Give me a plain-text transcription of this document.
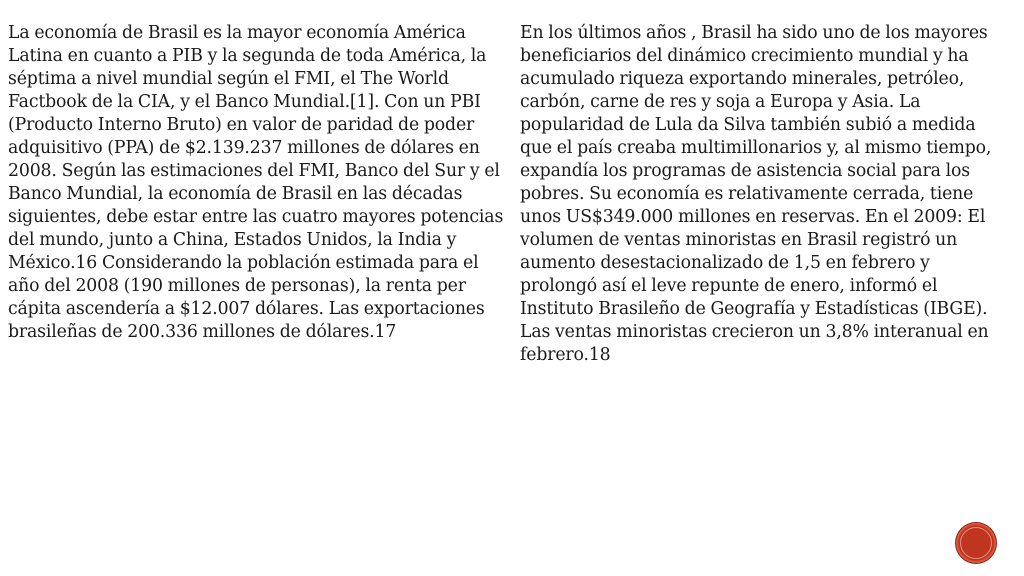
La economía de Brasil es la mayor economía América Latina en cuanto a PIB y la segunda de toda América, la séptima a nivel mundial según el FMI, el The World Factbook de la CIA, y el Banco Mundial.[1]. Con un PBI (Producto Interno Bruto) en valor de paridad de poder adquisitivo (PPA) de $2.139.237 millones de dólares en 2008. Según las estimaciones del FMI, Banco del Sur y el Banco Mundial, la economía de Brasil en las décadas siguientes, debe estar entre las cuatro mayores potencias del mundo, junto a China, Estados Unidos, la India y México.16 Considerando la población estimada para el año del 2008 (190 millones de personas), la renta per cápita ascendería a $12.007 dólares. Las exportaciones brasileñas de 200.336 millones de dólares.17

En los últimos años , Brasil ha sido uno de los mayores beneficiarios del dinámico crecimiento mundial y ha acumulado riqueza exportando minerales, petróleo, carbón, carne de res y soja a Europa y Asia. La popularidad de Lula da Silva también subió a medida que el país creaba multimillonarios y, al mismo tiempo, expandía los programas de asistencia social para los pobres. Su economía es relativamente cerrada, tiene unos US$349.000 millones en reservas. En el 2009: El volumen de ventas minoristas en Brasil registró un aumento desestacionalizado de 1,5 en febrero y prolongó así el leve repunte de enero, informó el Instituto Brasileño de Geografía y Estadísticas (IBGE). Las ventas minoristas crecieron un 3,8% interanual en febrero.18
